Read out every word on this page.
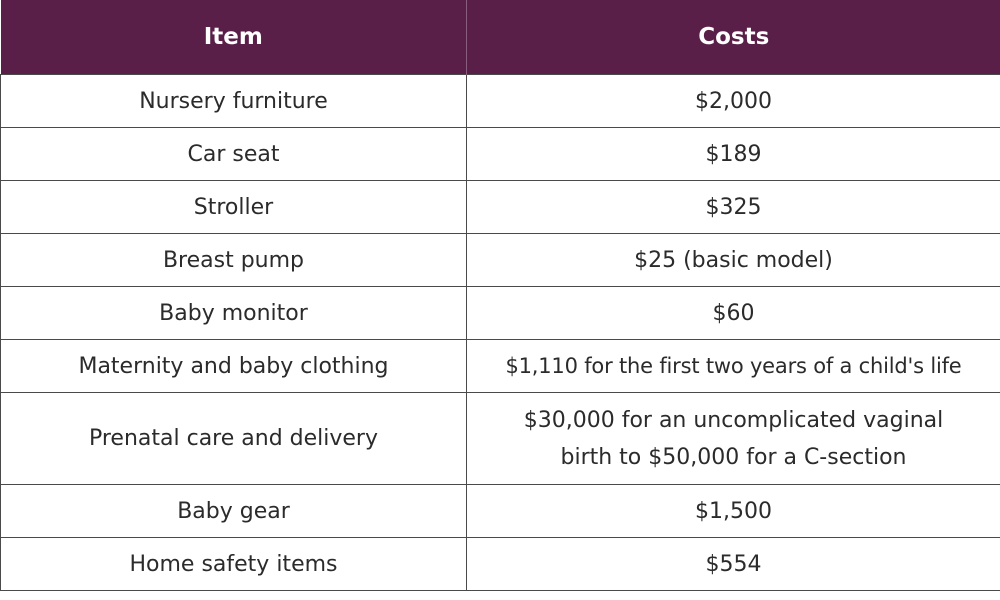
Item	Costs
Nursery furniture	$2,000
Car seat	$189
Stroller	$325
Breast pump	$25 (basic model)
Baby monitor	$60
Maternity and baby clothing	$1,110 for the first two years of a child's life
Prenatal care and delivery	$30,000 for an uncomplicated vaginal birth to $50,000 for a C-section
Baby gear	$1,500
Home safety items	$554
